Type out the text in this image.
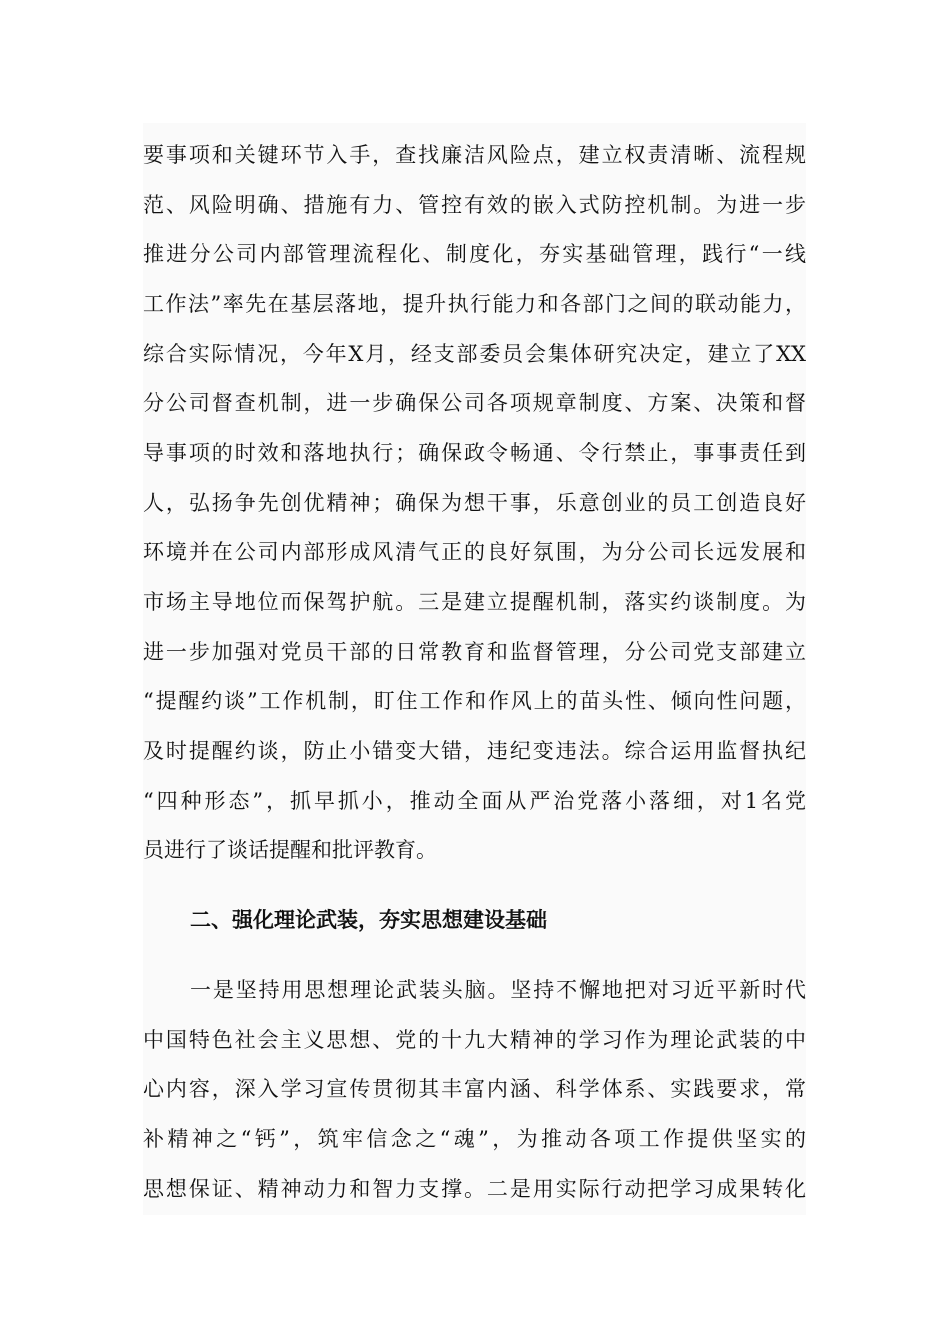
要事项和关键环节入手，查找廉洁风险点，建立权责清晰、流程规
范、风险明确、措施有力、管控有效的嵌入式防控机制。为进一步
推进分公司内部管理流程化、制度化，夯实基础管理，践行“一线
工作法”率先在基层落地，提升执行能力和各部门之间的联动能力，
综合实际情况，今年X月，经支部委员会集体研究决定，建立了XX
分公司督查机制，进一步确保公司各项规章制度、方案、决策和督
导事项的时效和落地执行；确保政令畅通、令行禁止，事事责任到
人，弘扬争先创优精神；确保为想干事，乐意创业的员工创造良好
环境并在公司内部形成风清气正的良好氛围，为分公司长远发展和
市场主导地位而保驾护航。三是建立提醒机制，落实约谈制度。为
进一步加强对党员干部的日常教育和监督管理，分公司党支部建立
“提醒约谈”工作机制，盯住工作和作风上的苗头性、倾向性问题，
及时提醒约谈，防止小错变大错，违纪变违法。综合运用监督执纪
“四种形态”，抓早抓小，推动全面从严治党落小落细，对1名党
员进行了谈话提醒和批评教育。
二、强化理论武装，夯实思想建设基础
一是坚持用思想理论武装头脑。坚持不懈地把对习近平新时代
中国特色社会主义思想、党的十九大精神的学习作为理论武装的中
心内容，深入学习宣传贯彻其丰富内涵、科学体系、实践要求，常
补精神之“钙”，筑牢信念之“魂”，为推动各项工作提供坚实的
思想保证、精神动力和智力支撑。二是用实际行动把学习成果转化
